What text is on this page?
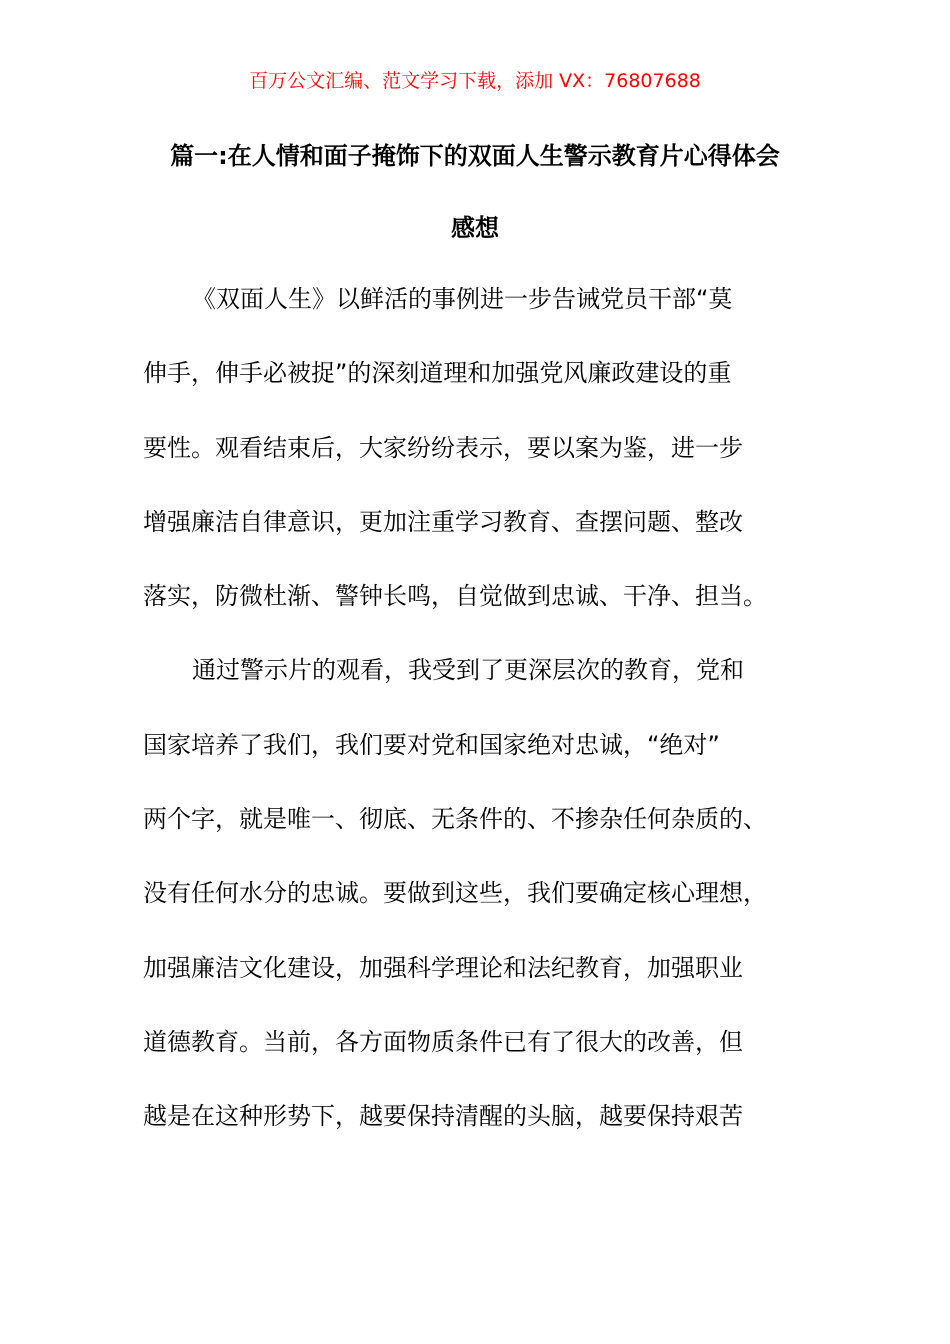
百万公文汇编、范文学习下载，添加 VX：76807688
篇一:在人情和面子掩饰下的双面人生警示教育片心得体会
感想
《双面人生》以鲜活的事例进一步告诫党员干部“莫
伸手，伸手必被捉”的深刻道理和加强党风廉政建设的重
要性。观看结束后，大家纷纷表示，要以案为鉴，进一步
增强廉洁自律意识，更加注重学习教育、查摆问题、整改
落实，防微杜渐、警钟长鸣，自觉做到忠诚、干净、担当。
通过警示片的观看，我受到了更深层次的教育，党和
国家培养了我们，我们要对党和国家绝对忠诚，“绝对”
两个字，就是唯一、彻底、无条件的、不掺杂任何杂质的、
没有任何水分的忠诚。要做到这些，我们要确定核心理想，
加强廉洁文化建设，加强科学理论和法纪教育，加强职业
道德教育。当前，各方面物质条件已有了很大的改善，但
越是在这种形势下，越要保持清醒的头脑，越要保持艰苦
